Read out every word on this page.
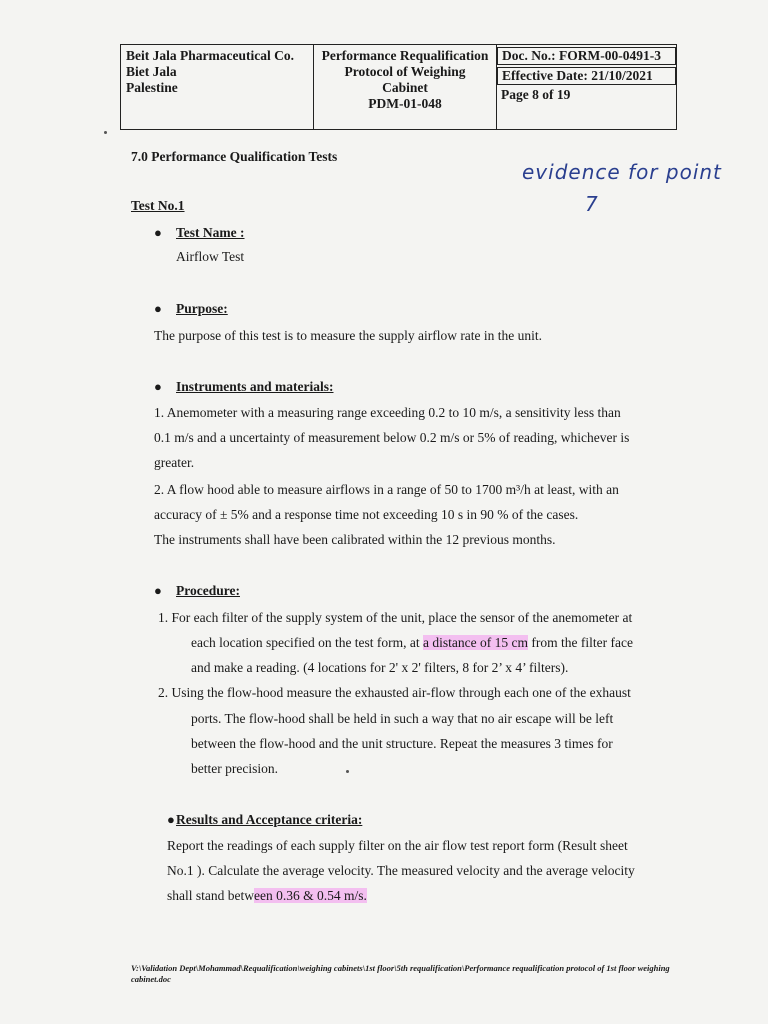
Beit Jala Pharmaceutical Co.
Biet Jala
Palestine
Performance Requalification
Protocol of Weighing
Cabinet
PDM-01-048
Doc. No.: FORM-00-0491-3
Effective Date: 21/10/2021
Page 8 of 19
7.0 Performance Qualification Tests
evidence for point
7
Test No.1
● Test Name :
Airflow Test
● Purpose:
The purpose of this test is to measure the supply airflow rate in the unit.
● Instruments and materials:
1. Anemometer with a measuring range exceeding 0.2 to 10 m/s, a sensitivity less than
0.1 m/s and a uncertainty of measurement below 0.2 m/s or 5% of reading, whichever is
greater.
2. A flow hood able to measure airflows in a range of 50 to 1700 m³/h at least, with an
accuracy of ± 5% and a response time not exceeding 10 s in 90 % of the cases.
The instruments shall have been calibrated within the 12 previous months.
● Procedure:
1. For each filter of the supply system of the unit, place the sensor of the anemometer at
each location specified on the test form, at a distance of 15 cm from the filter face
and make a reading. (4 locations for 2' x 2' filters, 8 for 2’ x 4’ filters).
2. Using the flow-hood measure the exhausted air-flow through each one of the exhaust
ports. The flow-hood shall be held in such a way that no air escape will be left
between the flow-hood and the unit structure. Repeat the measures 3 times for
better precision.
● Results and Acceptance criteria:
Report the readings of each supply filter on the air flow test report form (Result sheet
No.1 ). Calculate the average velocity. The measured velocity and the average velocity
shall stand between 0.36 & 0.54 m/s.
V:\Validation Dept\Mohammad\Requalification\weighing cabinets\1st floor\5th requalification\Performance requalification protocol of 1st floor weighing cabinet.doc
